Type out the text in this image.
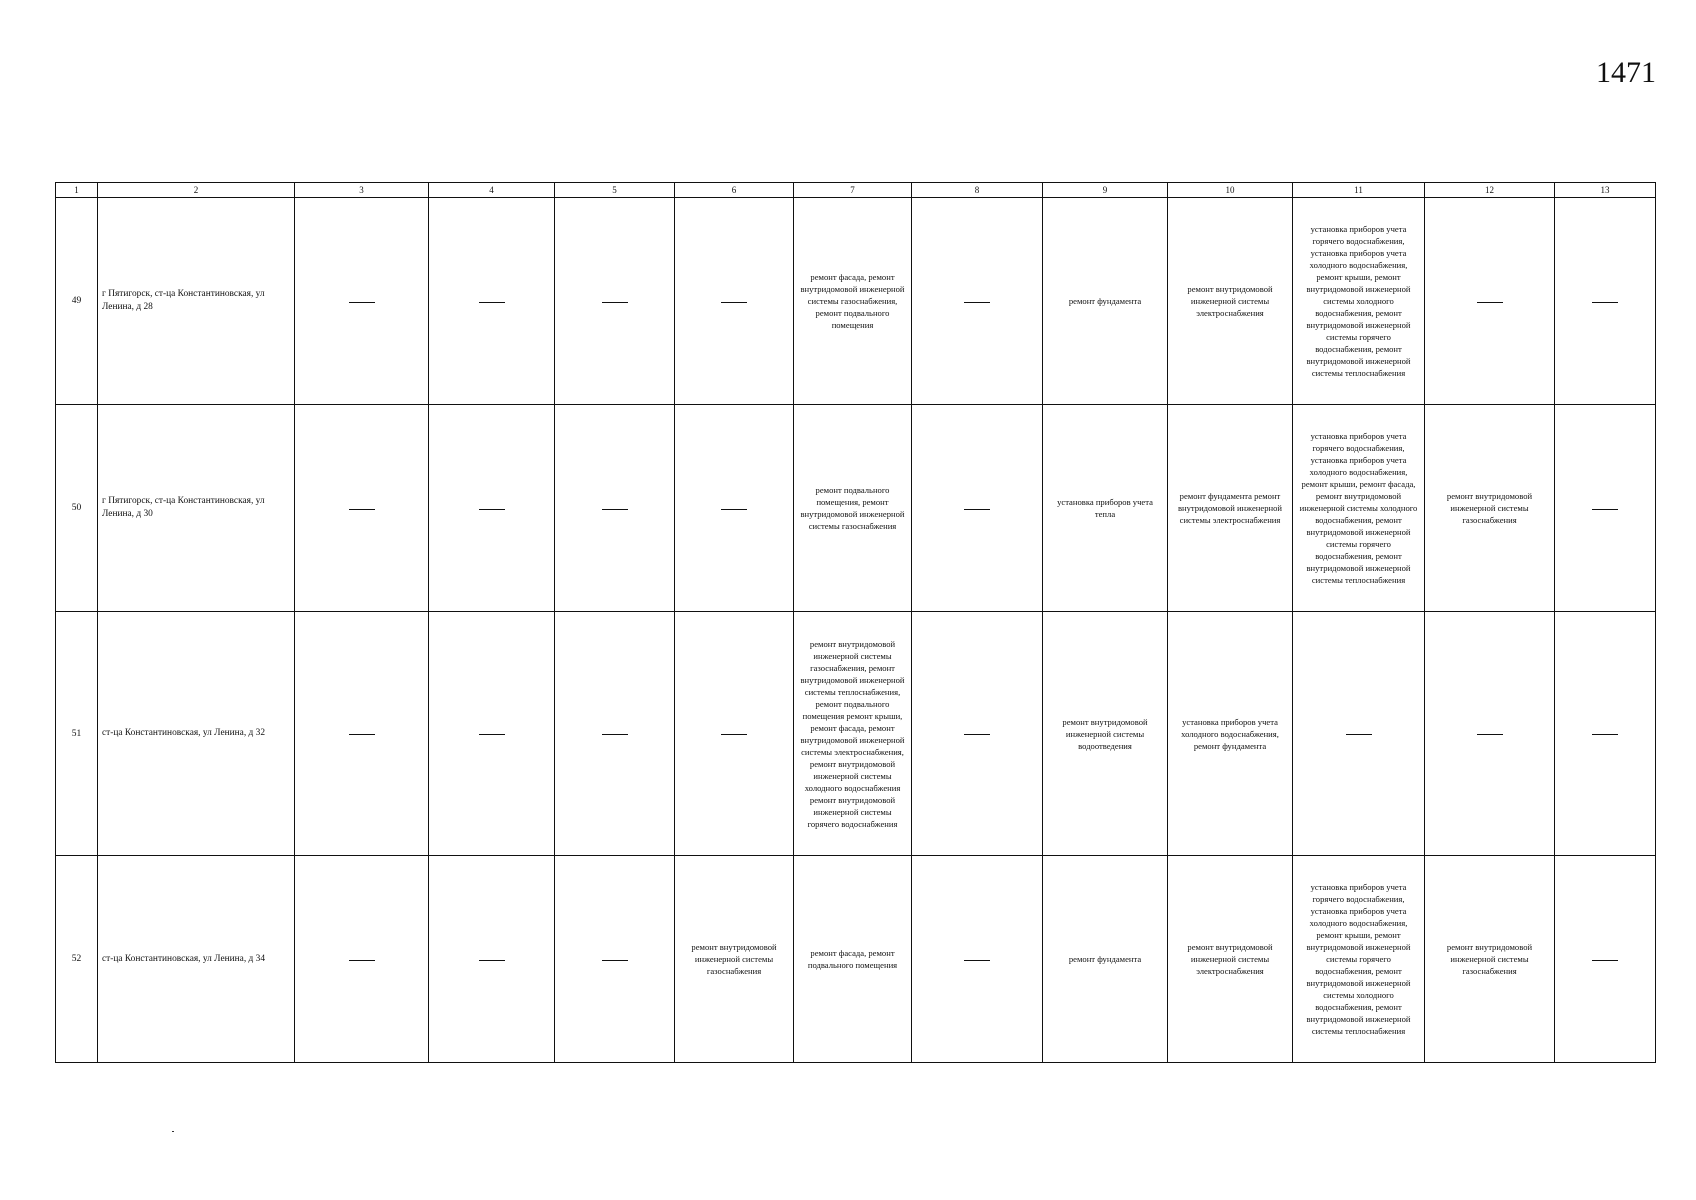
1471
1	2	3	4	5	6	7	8	9	10	11	12	13
49	г Пятигорск, ст-ца Константиновская, ул Ленина, д 28					ремонт фасада, ремонт внутридомовой инженерной системы газоснабжения, ремонт подвального помещения		ремонт фундамента	ремонт внутридомовой инженерной системы электроснабжения	установка приборов учета горячего водоснабжения, установка приборов учета холодного водоснабжения, ремонт крыши, ремонт внутридомовой инженерной системы холодного водоснабжения, ремонт внутридомовой инженерной системы горячего водоснабжения, ремонт внутридомовой инженерной системы теплоснабжения		
50	г Пятигорск, ст-ца Константиновская, ул Ленина, д 30					ремонт подвального помещения, ремонт внутридомовой инженерной системы газоснабжения		установка приборов учета тепла	ремонт фундамента ремонт внутридомовой инженерной системы электроснабжения	установка приборов учета горячего водоснабжения, установка приборов учета холодного водоснабжения, ремонт крыши, ремонт фасада, ремонт внутридомовой инженерной системы холодного водоснабжения, ремонт внутридомовой инженерной системы горячего водоснабжения, ремонт внутридомовой инженерной системы теплоснабжения	ремонт внутридомовой инженерной системы газоснабжения	
51	ст-ца Константиновская, ул Ленина, д 32					ремонт внутридомовой инженерной системы газоснабжения, ремонт внутридомовой инженерной системы теплоснабжения, ремонт подвального помещения ремонт крыши, ремонт фасада, ремонт внутридомовой инженерной системы электроснабжения, ремонт внутридомовой инженерной системы холодного водоснабжения ремонт внутридомовой инженерной системы горячего водоснабжения		ремонт внутридомовой инженерной системы водоотведения	установка приборов учета холодного водоснабжения, ремонт фундамента			
52	ст-ца Константиновская, ул Ленина, д 34				ремонт внутридомовой инженерной системы газоснабжения	ремонт фасада, ремонт подвального помещения		ремонт фундамента	ремонт внутридомовой инженерной системы электроснабжения	установка приборов учета горячего водоснабжения, установка приборов учета холодного водоснабжения, ремонт крыши, ремонт внутридомовой инженерной системы горячего водоснабжения, ремонт внутридомовой инженерной системы холодного водоснабжения, ремонт внутридомовой инженерной системы теплоснабжения	ремонт внутридомовой инженерной системы газоснабжения	
